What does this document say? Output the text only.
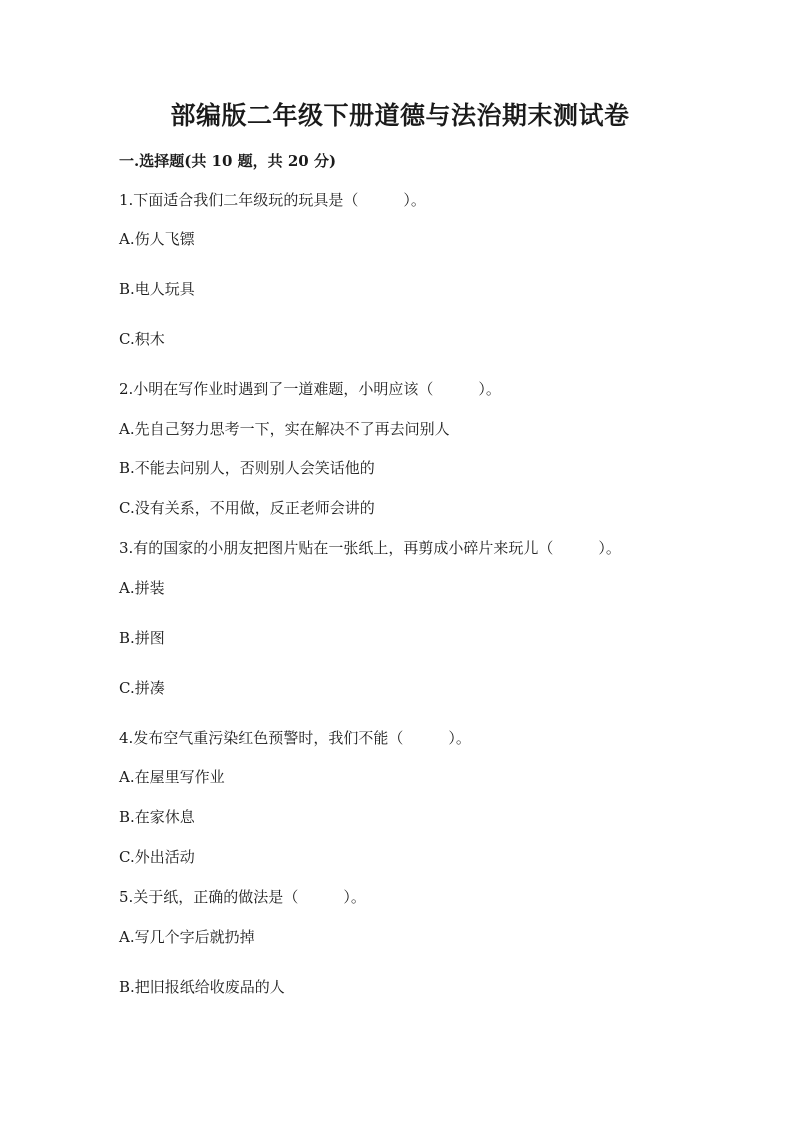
部编版二年级下册道德与法治期末测试卷
一.选择题(共 10 题，共 20 分)
1.下面适合我们二年级玩的玩具是（　　　）。
A.伤人飞镖
B.电人玩具
C.积木
2.小明在写作业时遇到了一道难题，小明应该（　　　）。
A.先自己努力思考一下，实在解决不了再去问别人
B.不能去问别人，否则别人会笑话他的
C.没有关系，不用做，反正老师会讲的
3.有的国家的小朋友把图片贴在一张纸上，再剪成小碎片来玩儿（　　　）。
A.拼装
B.拼图
C.拼凑
4.发布空气重污染红色预警时，我们不能（　　　）。
A.在屋里写作业
B.在家休息
C.外出活动
5.关于纸，正确的做法是（　　　）。
A.写几个字后就扔掉
B.把旧报纸给收废品的人
